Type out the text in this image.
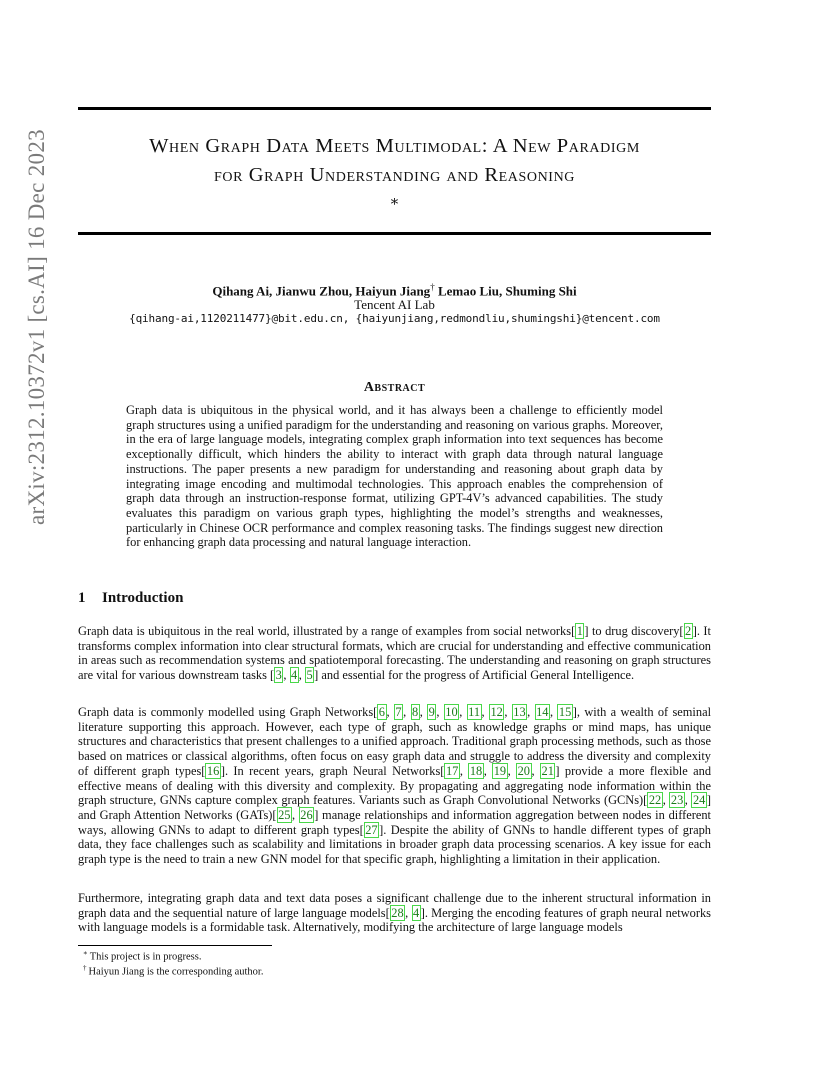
arXiv:2312.10372v1 [cs.AI] 16 Dec 2023	When Graph Data Meets Multimodal: A New Paradigm
for Graph Understanding and Reasoning
∗
Qihang Ai, Jianwu Zhou, Haiyun Jiang† Lemao Liu, Shuming Shi
Tencent AI Lab
{qihang-ai,1120211477}@bit.edu.cn, {haiyunjiang,redmondliu,shumingshi}@tencent.com
Abstract
Graph data is ubiquitous in the physical world, and it has always been a challenge to efficiently model graph structures using a unified paradigm for the understanding and reasoning on various graphs. Moreover, in the era of large language models, integrating complex graph information into text sequences has become exceptionally difficult, which hinders the ability to interact with graph data through natural language instructions. The paper presents a new paradigm for understanding and reasoning about graph data by integrating image encoding and multimodal technologies. This approach enables the comprehension of graph data through an instruction-response format, utilizing GPT-4V’s advanced capabilities. The study evaluates this paradigm on various graph types, highlighting the model’s strengths and weaknesses, particularly in Chinese OCR performance and complex reasoning tasks. The findings suggest new direction for enhancing graph data processing and natural language interaction.
1 Introduction

Graph data is ubiquitous in the real world, illustrated by a range of examples from social networks[ 1 ] to drug discovery[ 2 ]. It transforms complex information into clear structural formats, which are crucial for understanding and effective communication in areas such as recommendation systems and spatiotemporal forecasting. The understanding and reasoning on graph structures are vital for various downstream tasks [ 3 , 4 , 5 ] and essential for the progress of Artificial General Intelligence.

Graph data is commonly modelled using Graph Networks[ 6 , 7 , 8 , 9 , 10 , 11 , 12 , 13 , 14 , 15 ], with a wealth of seminal literature supporting this approach. However, each type of graph, such as knowledge graphs or mind maps, has unique structures and characteristics that present challenges to a unified approach. Traditional graph processing methods, such as those based on matrices or classical algorithms, often focus on easy graph data and struggle to address the diversity and complexity of different graph types[ 16 ]. In recent years, graph Neural Networks[ 17 , 18 , 19 , 20 , 21 ] provide a more flexible and effective means of dealing with this diversity and complexity. By propagating and aggregating node information within the graph structure, GNNs capture complex graph features. Variants such as Graph Convolutional Networks (GCNs)[ 22 , 23 , 24 ] and Graph Attention Networks (GATs)[ 25 , 26 ] manage relationships and information aggregation between nodes in different ways, allowing GNNs to adapt to different graph types[ 27 ]. Despite the ability of GNNs to handle different types of graph data, they face challenges such as scalability and limitations in broader graph data processing scenarios. A key issue for each graph type is the need to train a new GNN model for that specific graph, highlighting a limitation in their application.

Furthermore, integrating graph data and text data poses a significant challenge due to the inherent structural information in graph data and the sequential nature of large language models[ 28 , 4 ]. Merging the encoding features of graph neural networks with language models is a formidable task. Alternatively, modifying the architecture of large language models

∗ This project is in progress.
† Haiyun Jiang is the corresponding author.
